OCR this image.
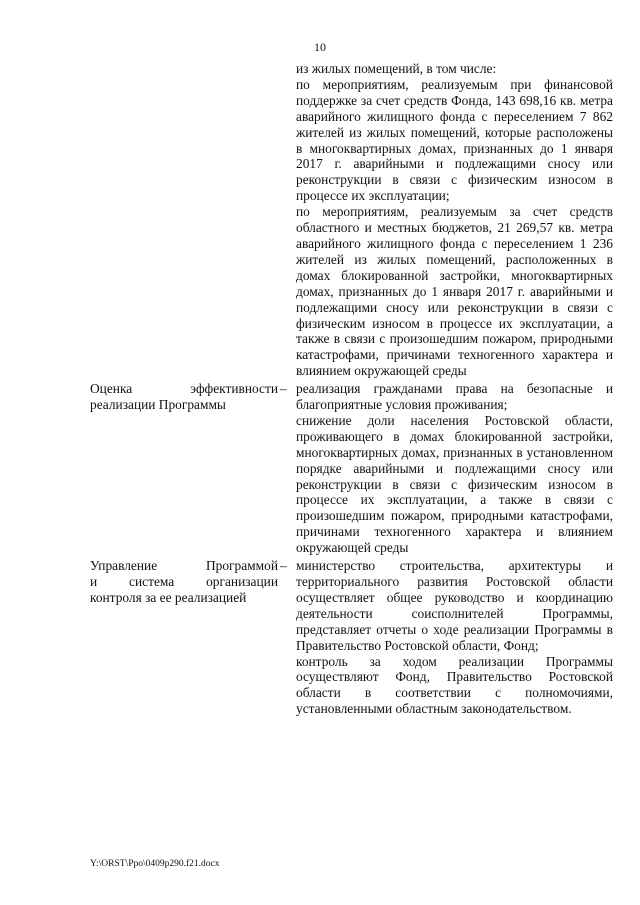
10

из жилых помещений, в том числе:

по мероприятиям, реализуемым при финансовой поддержке за счет средств Фонда, 143 698,16 кв. метра аварийного жилищного фонда с переселением 7 862 жителей из жилых помещений, которые расположены в многоквартирных домах, признанных до 1 января 2017 г. аварийными и подлежащими сносу или реконструкции в связи с физическим износом в процессе их эксплуатации;

по мероприятиям, реализуемым за счет средств областного и местных бюджетов, 21 269,57 кв. метра аварийного жилищного фонда с переселением 1 236 жителей из жилых помещений, расположенных в домах блокированной застройки, многоквартирных домах, признанных до 1 января 2017 г. аварийными и подлежащими сносу или реконструкции в связи с физическим износом в процессе их эксплуатации, а также в связи с произошедшим пожаром, природными катастрофами, причинами техногенного характера и влиянием окружающей среды

Оценка эффективности
реализации Программы
– реализация гражданами права на безопасные и благоприятные условия проживания;

снижение доли населения Ростовской области, проживающего в домах блокированной застройки, многоквартирных домах, признанных в установленном порядке аварийными и подлежащими сносу или реконструкции в связи с физическим износом в процессе их эксплуатации, а также в связи с произошедшим пожаром, природными катастрофами, причинами техногенного характера и влиянием окружающей среды

Управление Программой
и система организации
контроля за ее реализацией
– министерство строительства, архитектуры и территориального развития Ростовской области осуществляет общее руководство и координацию деятельности соисполнителей Программы, представляет отчеты о ходе реализации Программы в Правительство Ростовской области, Фонд;

контроль за ходом реализации Программы осуществляют Фонд, Правительство Ростовской области в соответствии с полномочиями, установленными областным законодательством.

Y:\ORST\Ppo\0409p290.f21.docx
